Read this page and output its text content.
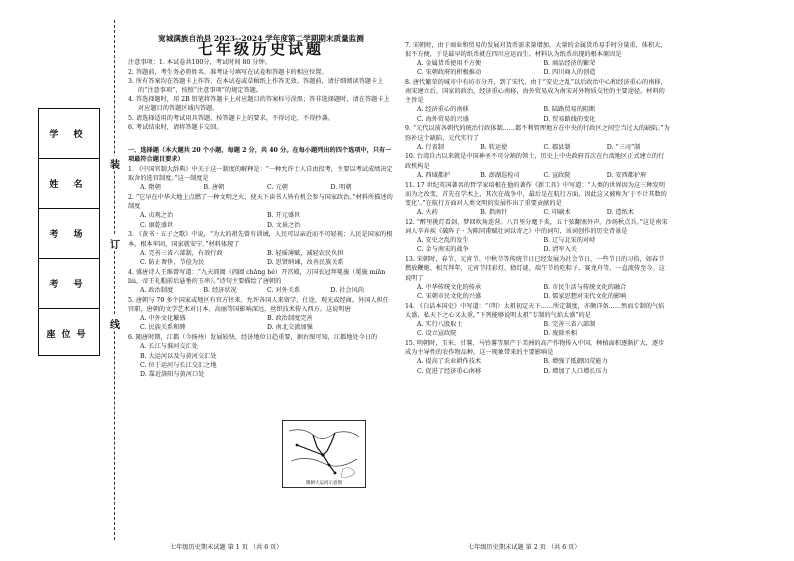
学 校
姓 名
考 场
考 号
座位号
装
订
线
宽城满族自治县 2023--2024 学年度第二学期期末质量监测
七年级历史试题
注意事项：1. 本试卷共100分，考试时间 80 分钟。
2. 答题前，考生务必将姓名、准考证号填写在试卷和答题卡的相应位置。
3. 所有答案均在答题卡上作答，在本试卷或草稿纸上作答无效。答题前，请仔细阅读答题卡上的“注意事项”，按照“注意事项”的规定答题。
4. 答选择题时，用 2B 铅笔将答题卡上对应题目的答案标号涂黑；答非选择题时，请在答题卡上对应题目的答题区域内答题。
5. 请选择适用的考试用具答题，按答题卡上的要求，不得讨论，不得抄袭。
6. 考试结束时，请将答题卡交回。
一、选择题（本大题共 20 个小题，每题 2 分，共 40 分。在每小题列出的四个选项中，只有一项最符合题目要求）
1. 《中国官制大辞典》中关于这一制度的解释是：“一种允许士人自由投考，主要以考试成绩决定取舍的选官制度。”这一制度是
A. 隋朝	B. 唐朝	C. 元朝	D. 明朝
2. “它早在中华大地上点燃了一种文明之火，使天下读书人皆有机会参与国家政治。”材料所描述的制度
A. 贞观之治	B. 开元盛世
C. 康乾盛世	D. 文景之治
3. 《黄书 · 五子之歌》中说，“为大的祖先曾有训诫，人民可以亲近而不可轻视；人民是国家的根本，根本牢固，国家就安宁。”材料体现了
A. 完善三省六部制，有效行政	B. 轻徭薄赋，减轻农民负担
C. 防止奢侈，节俭为民	D. 思贤纳谏，改善民族关系
4. 盛唐诗人王维曾写道：“九天阊阖（阊阖 chāng hé）开宫殿，万国衣冠拜冕旒（冕旒 miǎn liú，帝王礼帽前后悬垂的玉串）。”诗句主要描绘了唐朝的
A. 政治制度	B. 经济状况	C. 对外关系	D. 社会风尚
5. 唐朝与 70 多个国家或地区有官方往来。允许各国人来留学，仕途，观光或经商。外国人担任官职，唐朝的文学艺术对日本、高丽等国影响深远，丝织技术传入西方。这说明唐
A. 中外文化繁盛	B. 政治制度完善
C. 民族关系和睦	D. 南北交流加强
6. 随唐时期，江都（今扬州）发展较快，经济地位日趋重要，据右图可知，江都地处今日的
A. 长江与淮河交汇处
B. 大运河以及与黄河交汇处
C. 位于运河与长江交汇之地
D. 靠近洛阳与黄河口处
隋朝大运河示意图
7. 宋朝时，由于商业和贸易的发展对货币需求量增加，大量的金属货币易手时分量重，体积大，很不方便，于是最早的纸币就在四川应运而生。材料认为纸币出现的根本原因是
A. 金属货币使用不方便	B. 商品经济的繁荣
C. 宋朝政府的积极推动	D. 四川商人的创造
8. 唐代繁荣的城市中有坊市分开，到了宋代，由于“安史之乱”以后政治中心和经济重心的南移，南宋建立后，国家的政治，经济重心南移，海外贸易成为南宋对外物质交往的主要途径。材料的主旨是
A. 经济重心的南移	B. 陆路贸易的阻断
C. 海外贸易的兴盛	D. 贸易路线的变化
9. “元代以前各朝代的统治行政体制……都不利管理地方在中央的行政区之间空当过大的缺陷。”为弥补这个缺陷，元代实行了
A. 行省制	B. 转运使	C. 郡县制	D. “三司”制
10. 台湾自古以来就是中国神圣不可分割的领土，历史上中央政府首次在台湾地区正式建立的行政机构是
A. 西域都护	B. 澎湖巡检司	C. 宣政院	D. 安西都护府
11. 17 世纪英国著名的哲学家培根在他的著作《新工具》中写道：“人类的世界因为这三种发明而为之改变，首先在学术上，其次在战争中，最后是在航行方面，因此这又被称为‘于不计其数的变化’。”在航行方面对人类文明的发展作出了重要贡献的是
A. 火药	B. 指南针	C. 印刷术	D. 造纸术
12. “醉里挑灯看剑，梦回吹角连营。八百里分麾下炙，五十弦翻塞外声。沙场秋点兵。”这是南宋词人辛弃疾《破阵子 · 为陈同甫赋壮词以寄之》中的词句，该词创作的历史背景是
A. 安史之乱的发生	B. 辽与北宋的对峙
C. 金与南宋的战争	D. 清军入关
13. 宋朝时，春节、元宵节、中秋节等传统节日已经发展为社会节日，一些节日的习俗，如春节燃放鞭炮、相互拜年，元宵节挂彩灯、猜灯谜，端午节的吃粽子、赛龙舟等，一直流传至今。这说明了
A. 中华传统文化的传承	B. 市民生活与传统文化的融合
C. 宋朝市民文化的兴盛	D. 儒家思想对宋代文化的影响
14. 《白话本国史》中写道：“（明）太祖初定天下……所定制度，亦颇详备……然而专制的气焰太盛，私天下之心又太重。”下列能够说明太祖“专制的气焰太盛”的是
A. 实行八股取士	B. 完善三省六部制
C. 设立宣政院	D. 废除丞相
15. 明朝时，玉米、甘薯、马铃薯等原产于美洲的高产作物传入中国，种植面积逐渐扩大，逐步成为主导性的农作物品种，这一现象带来的主要影响是
A. 提高了农业耕作技术	B. 增强了抵御因荒能力
C. 促进了经济重心南移	D. 增加了人口增长压力
七年级历史期末试题 第 1 页 （共 6 页）	七年级历史期末试题 第 2 页 （共 6 页）
